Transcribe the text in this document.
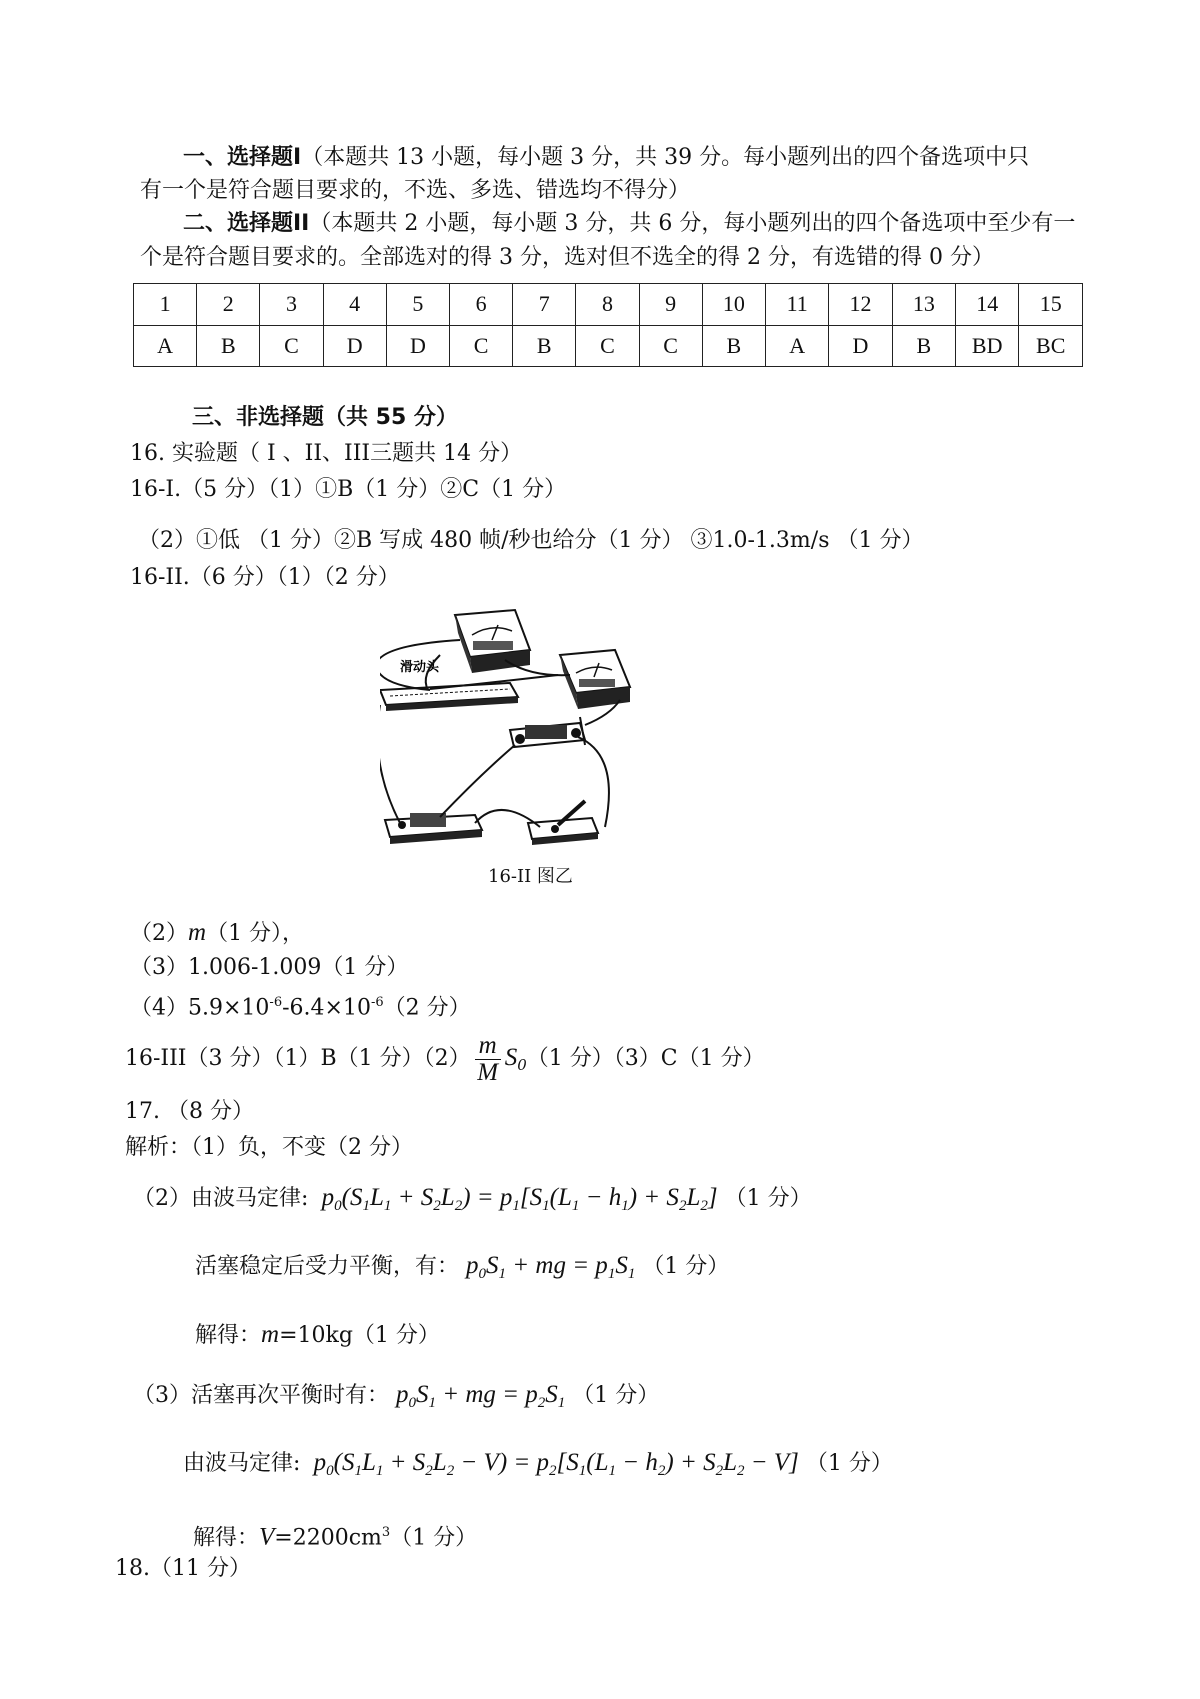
一、选择题I（本题共 13 小题，每小题 3 分，共 39 分。每小题列出的四个备选项中只
有一个是符合题目要求的，不选、多选、错选均不得分）
二、选择题II（本题共 2 小题，每小题 3 分，共 6 分，每小题列出的四个备选项中至少有一
个是符合题目要求的。全部选对的得 3 分，选对但不选全的得 2 分，有选错的得 0 分）
1	2	3	4	5	6	7	8	9	10	11	12	13	14	15
A	B	C	D	D	C	B	C	C	B	A	D	B	BD	BC
三、非选择题（共 55 分）
16. 实验题（ I 、II、III三题共 14 分）
16-I.（5 分）（1）①B（1 分）②C（1 分）
（2）①低 （1 分）②B 写成 480 帧/秒也给分（1 分） ③1.0-1.3m/s （1 分）
16-II.（6 分）（1）（2 分）
滑动头
16-II 图乙
（2）m（1 分），
（3）1.006-1.009（1 分）
$(4)5.9\times 10^{-6}-6.4\times 10^{-6}(2$ 分）
16-III（3 分）（1）B（1 分）$(2) \frac{m}{M} S_0(1$ 分）（3）C（1 分）
17. （8 分）
解析：（1）负，不变（2 分）
（2）由波马定律:  $p_0(S_1L_1 + S_2L_2) = p_1[S_1(L_1 - h_1) + S_2L_2]$ （1 分）
活塞稳定后受力平衡，有： $p_0S_1$ + mg = $p_1S_1$ （1 分）
解得：m=10kg（1 分）
（3）活塞再次平衡时有： $p_0S_1$ + mg = $p_2S_1$ （1 分）
由波马定律:  $p_0(S_1L_1 + S_2L_2 - V) = p_2[S_1(L_1 - h_2) + S_2L_2 - V]$ （1 分）
解得：$V=2200cm^3(1$ 分）
18.（11 分）
